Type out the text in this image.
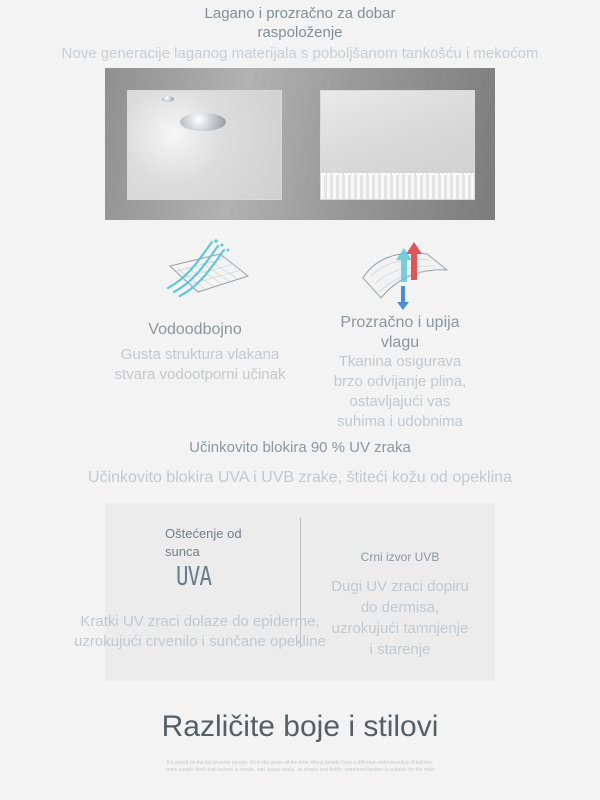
Lagano i prozračno za dobar raspoloženje
Nove generacije laganog materijala s poboljšanom tankošću i mekoćom
Vodoodbojno
Gusta struktura vlakana stvara vodootporni učinak
Prozračno i upija vlagu
Tkanina osigurava brzo odvijanje plina, ostavljajući vas suhima i udobnima
Učinkovito blokira 90 % UV zraka
Učinkovito blokira UVA i UVB zrake, štiteći kožu od opeklina
Oštećenje od sunca
UVA
Kratki UV zraci dolaze do epiderme, uzrokujući crvenilo i sunčane opekline
Crni izvor UVB
Dugi UV zraci dopiru do dermisa, uzrokujući tamnjenje i starenje
Različite boje i stilovi
It's ahead on the list of some people; it's in the press all the time. Many people have a different understanding of fashion; some people think that fashion is simple, and luxury waste, as simple and thrifty; somehow fashion is suitable for the main
